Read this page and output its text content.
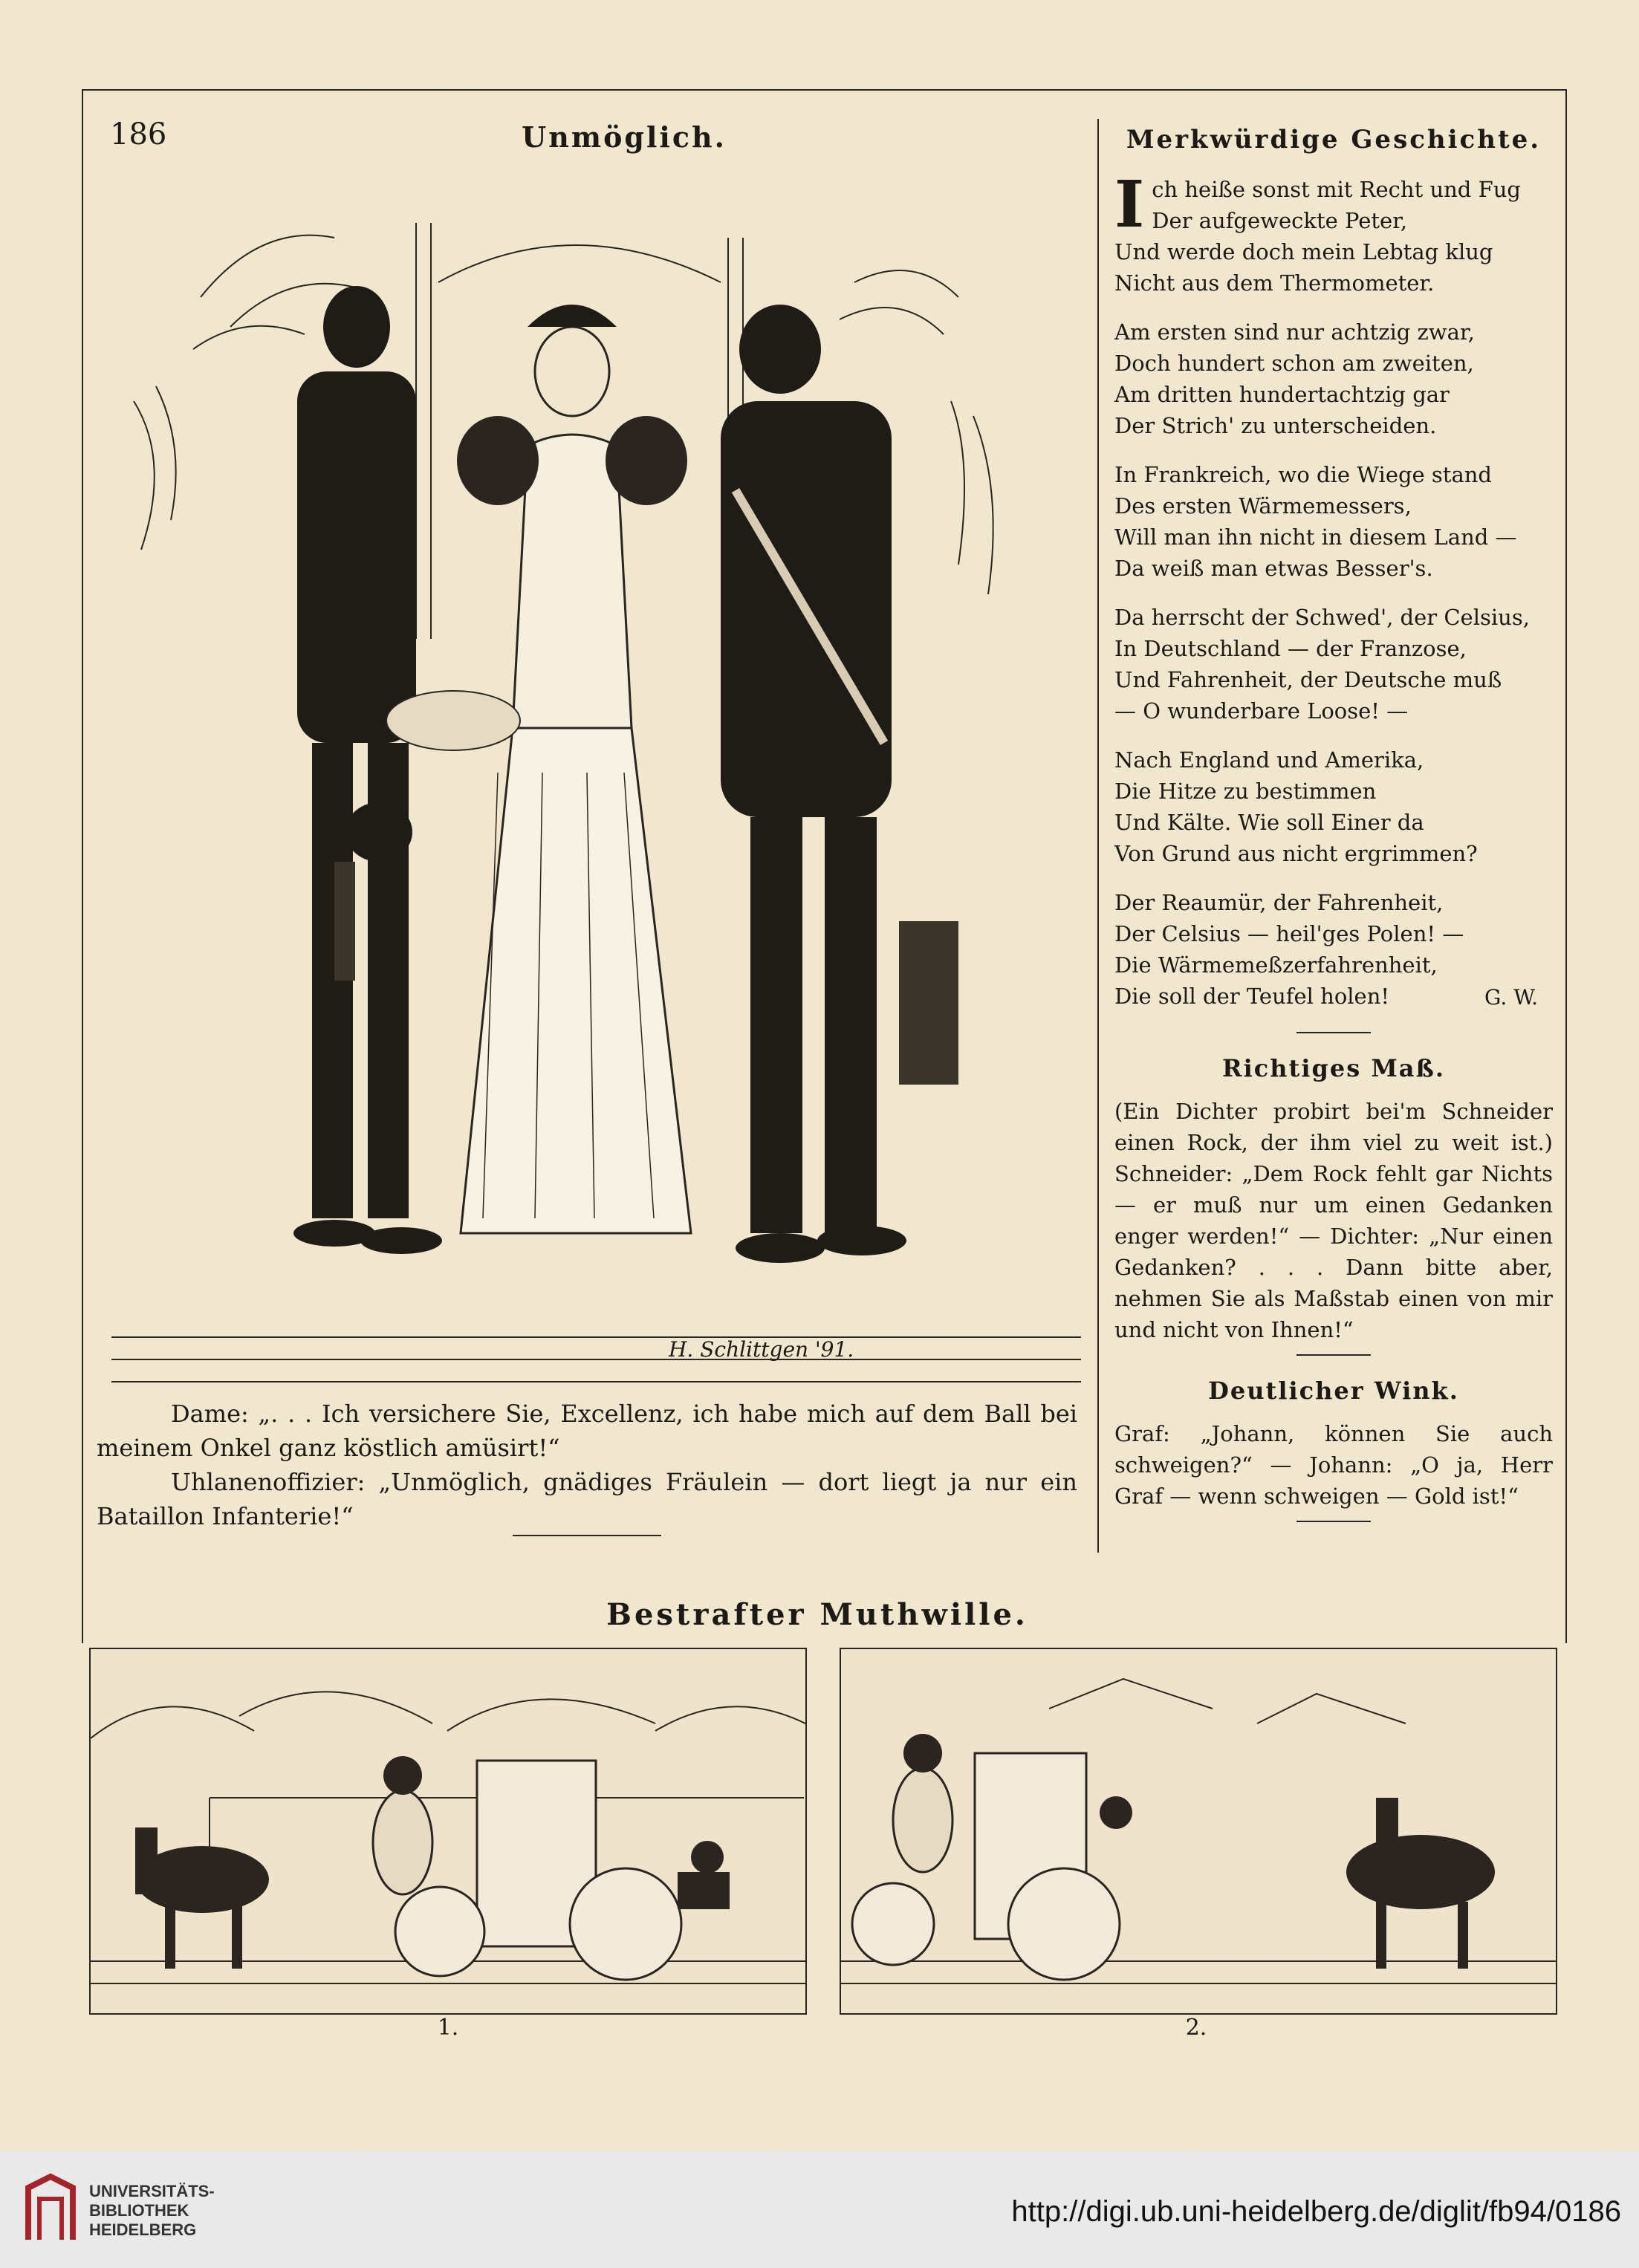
186	Unmöglich.
H. Schlittgen '91.

Dame: „. . . Ich versichere Sie, Excellenz, ich habe mich auf dem Ball bei meinem Onkel ganz köstlich amüsirt!“

Uhlanenoffizier: „Unmöglich, gnädiges Fräulein — dort liegt ja nur ein Bataillon Infanterie!“

Merkwürdige Geschichte.
I ch heiße sonst mit Recht und Fug
Der aufgeweckte Peter,
Und werde doch mein Lebtag klug
Nicht aus dem Thermometer.
Am ersten sind nur achtzig zwar,
Doch hundert schon am zweiten,
Am dritten hundertachtzig gar
Der Strich' zu unterscheiden.
In Frankreich, wo die Wiege stand
Des ersten Wärmemessers,
Will man ihn nicht in diesem Land —
Da weiß man etwas Besser's.
Da herrscht der Schwed', der Celsius,
In Deutschland — der Franzose,
Und Fahrenheit, der Deutsche muß
— O wunderbare Loose! —
Nach England und Amerika,
Die Hitze zu bestimmen
Und Kälte. Wie soll Einer da
Von Grund aus nicht ergrimmen?
Der Reaumür, der Fahrenheit,
Der Celsius — heil'ges Polen! —
Die Wärmemeßzerfahrenheit,
Die soll der Teufel holen!	G. W.
Richtiges Maß.
(Ein Dichter probirt bei'm Schneider einen Rock, der ihm viel zu weit ist.) Schneider: „Dem Rock fehlt gar Nichts — er muß nur um einen Gedanken enger werden!“ — Dichter: „Nur einen Gedanken? . . . Dann bitte aber, nehmen Sie als Maßstab einen von mir und nicht von Ihnen!“
Deutlicher Wink.
Graf: „Johann, können Sie auch schweigen?“ — Johann: „O ja, Herr Graf — wenn schweigen — Gold ist!“
Bestrafter Muthwille.
1.	2.
UNIVERSITÄTS-
BIBLIOTHEK
HEIDELBERG
http://digi.ub.uni-heidelberg.de/diglit/fb94/0186
